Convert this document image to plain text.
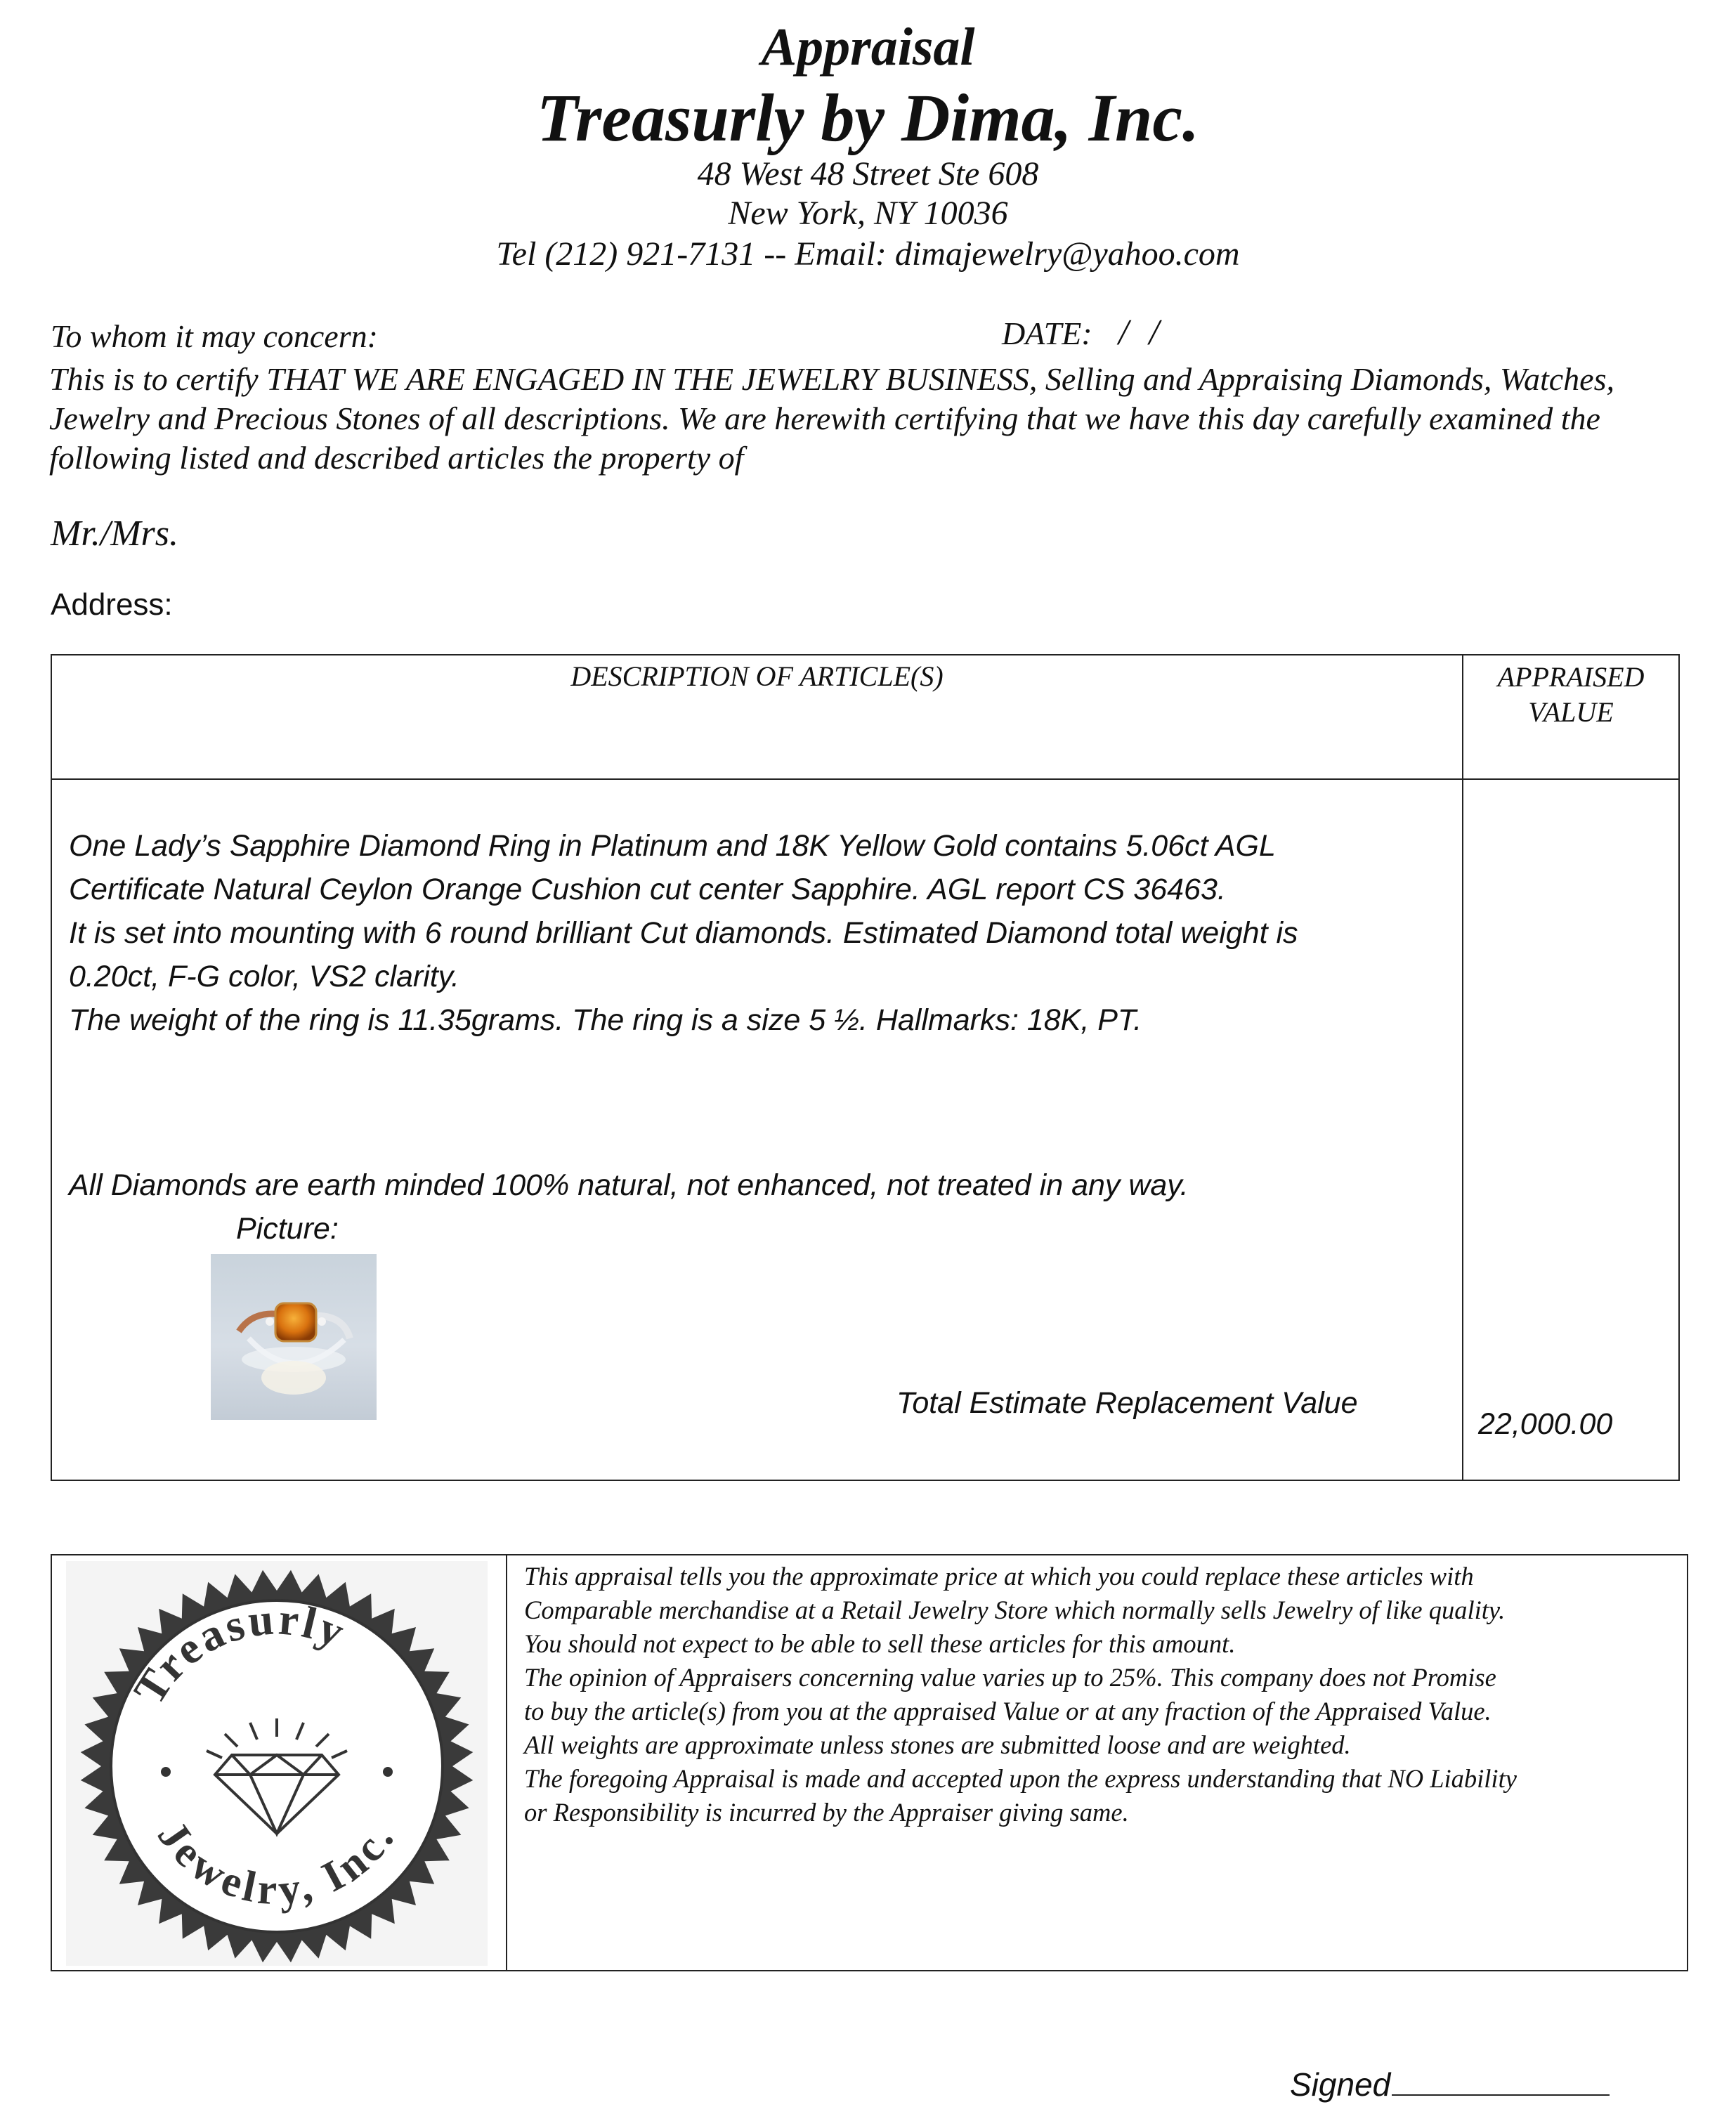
Appraisal
Treasurly by Dima, Inc.
48 West 48 Street Ste 608
New York, NY 10036
Tel (212) 921-7131 -- Email: dimajewelry@yahoo.com
To whom it may concern:	DATE: / /
This is to certify THAT WE ARE ENGAGED IN THE JEWELRY BUSINESS, Selling and Appraising Diamonds, Watches, Jewelry and Precious Stones of all descriptions. We are herewith certifying that we have this day carefully examined the following listed and described articles the property of
Mr./Mrs.
Address:
DESCRIPTION OF ARTICLE(S)	APPRAISED VALUE

One Lady’s Sapphire Diamond Ring in Platinum and 18K Yellow Gold contains 5.06ct AGL

Certificate Natural Ceylon Orange Cushion cut center Sapphire. AGL report CS 36463.

It is set into mounting with 6 round brilliant Cut diamonds. Estimated Diamond total weight is

0.20ct, F-G color, VS2 clarity.

The weight of the ring is 11.35grams. The ring is a size 5 ½. Hallmarks: 18K, PT.

All Diamonds are earth minded 100% natural, not enhanced, not treated in any way.
Picture:
Total Estimate Replacement Value
22,000.00
Treasurly
Jewelry, Inc.

This appraisal tells you the approximate price at which you could replace these articles with

Comparable merchandise at a Retail Jewelry Store which normally sells Jewelry of like quality.

You should not expect to be able to sell these articles for this amount.

The opinion of Appraisers concerning value varies up to 25%. This company does not Promise

to buy the article(s) from you at the appraised Value or at any fraction of the Appraised Value.

All weights are approximate unless stones are submitted loose and are weighted.

The foregoing Appraisal is made and accepted upon the express understanding that NO Liability

or Responsibility is incurred by the Appraiser giving same.

Signed
